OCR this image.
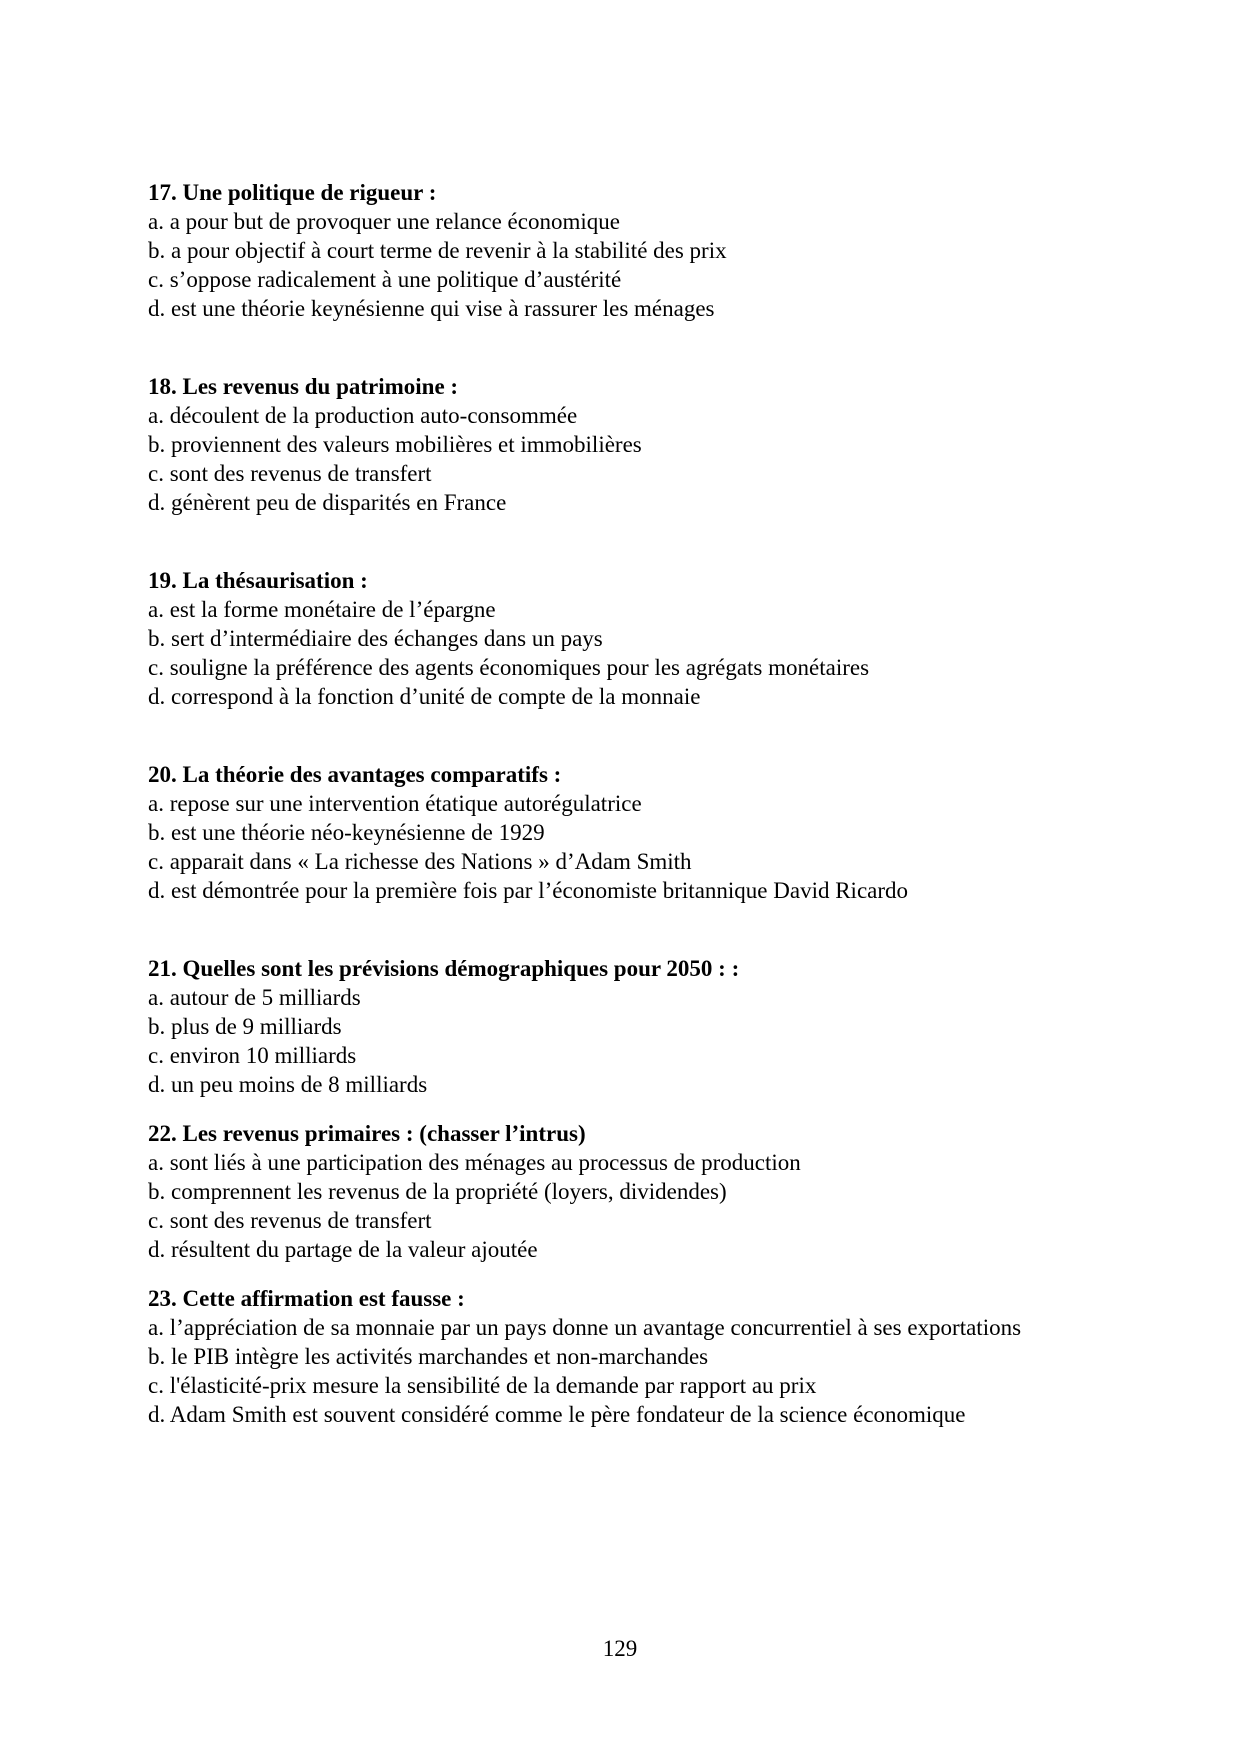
17. Une politique de rigueur :

a. a pour but de provoquer une relance économique
b. a pour objectif à court terme de revenir à la stabilité des prix
c. s’oppose radicalement à une politique d’austérité
d. est une théorie keynésienne qui vise à rassurer les ménages

18. Les revenus du patrimoine :

a. découlent de la production auto-consommée
b. proviennent des valeurs mobilières et immobilières
c. sont des revenus de transfert
d. génèrent peu de disparités en France

19. La thésaurisation :

a. est la forme monétaire de l’épargne
b. sert d’intermédiaire des échanges dans un pays
c. souligne la préférence des agents économiques pour les agrégats monétaires
d. correspond à la fonction d’unité de compte de la monnaie

20. La théorie des avantages comparatifs :

a. repose sur une intervention étatique autorégulatrice
b. est une théorie néo-keynésienne de 1929
c. apparait dans « La richesse des Nations » d’Adam Smith
d. est démontrée pour la première fois par l’économiste britannique David Ricardo

21. Quelles sont les prévisions démographiques pour 2050 : :

a. autour de 5 milliards
b. plus de 9 milliards
c. environ 10 milliards
d. un peu moins de 8 milliards

22. Les revenus primaires : (chasser l’intrus)

a. sont liés à une participation des ménages au processus de production
b. comprennent les revenus de la propriété (loyers, dividendes)
c. sont des revenus de transfert
d. résultent du partage de la valeur ajoutée

23. Cette affirmation est fausse :

a. l’appréciation de sa monnaie par un pays donne un avantage concurrentiel à ses exportations
b. le PIB intègre les activités marchandes et non-marchandes
c. l'élasticité-prix mesure la sensibilité de la demande par rapport au prix
d. Adam Smith est souvent considéré comme le père fondateur de la science économique
129
